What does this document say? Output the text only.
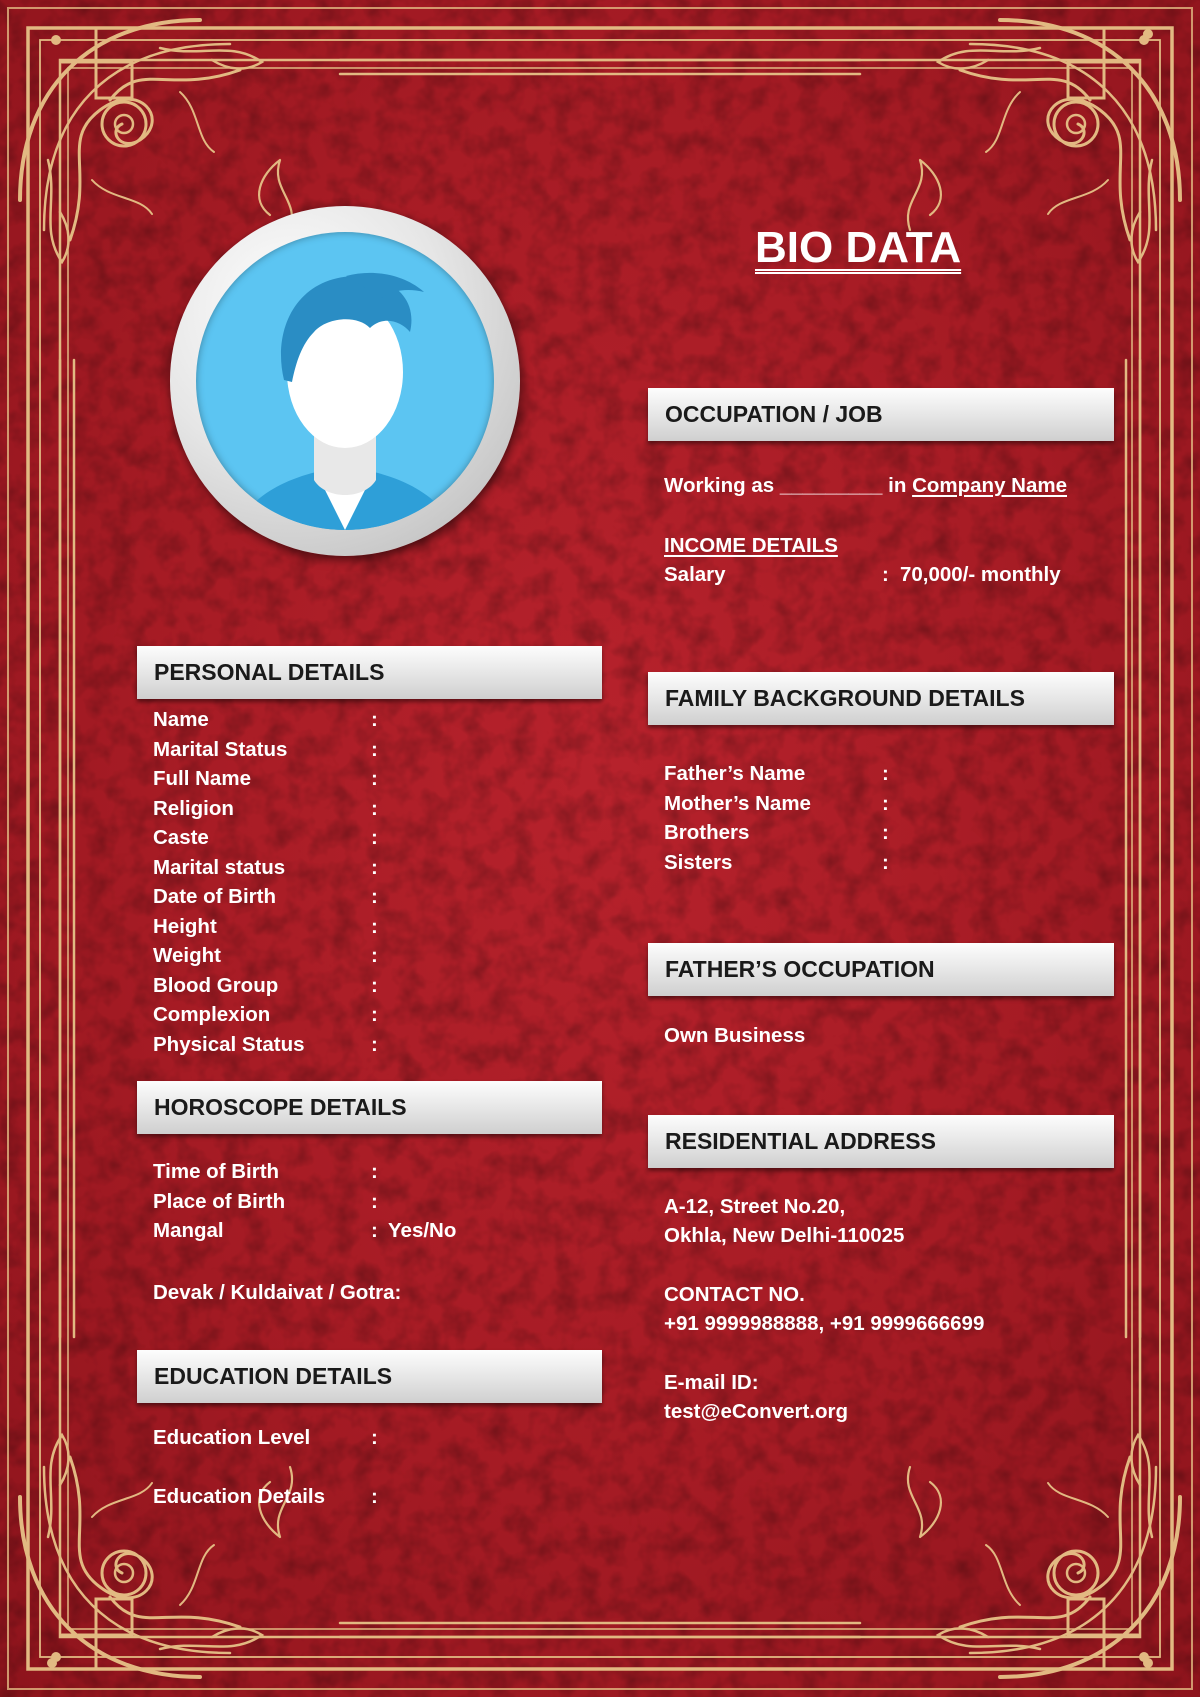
BIO DATA
PERSONAL DETAILS
Name	:
Marital Status	:
Full Name	:
Religion	:
Caste	:
Marital status	:
Date of Birth	:
Height	:
Weight	:
Blood Group	:
Complexion	:
Physical Status	:
HOROSCOPE DETAILS
Time of Birth	:
Place of Birth	:
Mangal	: Yes/No
Devak / Kuldaivat / Gotra:
EDUCATION DETAILS
Education Level	:
Education Details :
OCCUPATION / JOB
Working as _________ in Company Name
INCOME DETAILS
Salary	: 70,000/- monthly
FAMILY BACKGROUND DETAILS
Father’s Name	:
Mother’s Name	:
Brothers	:
Sisters	:
FATHER’S OCCUPATION
Own Business
RESIDENTIAL ADDRESS
A-12, Street No.20,
Okhla, New Delhi-110025
CONTACT NO.
+91 9999988888, +91 9999666699
E-mail ID:
test@eConvert.org
